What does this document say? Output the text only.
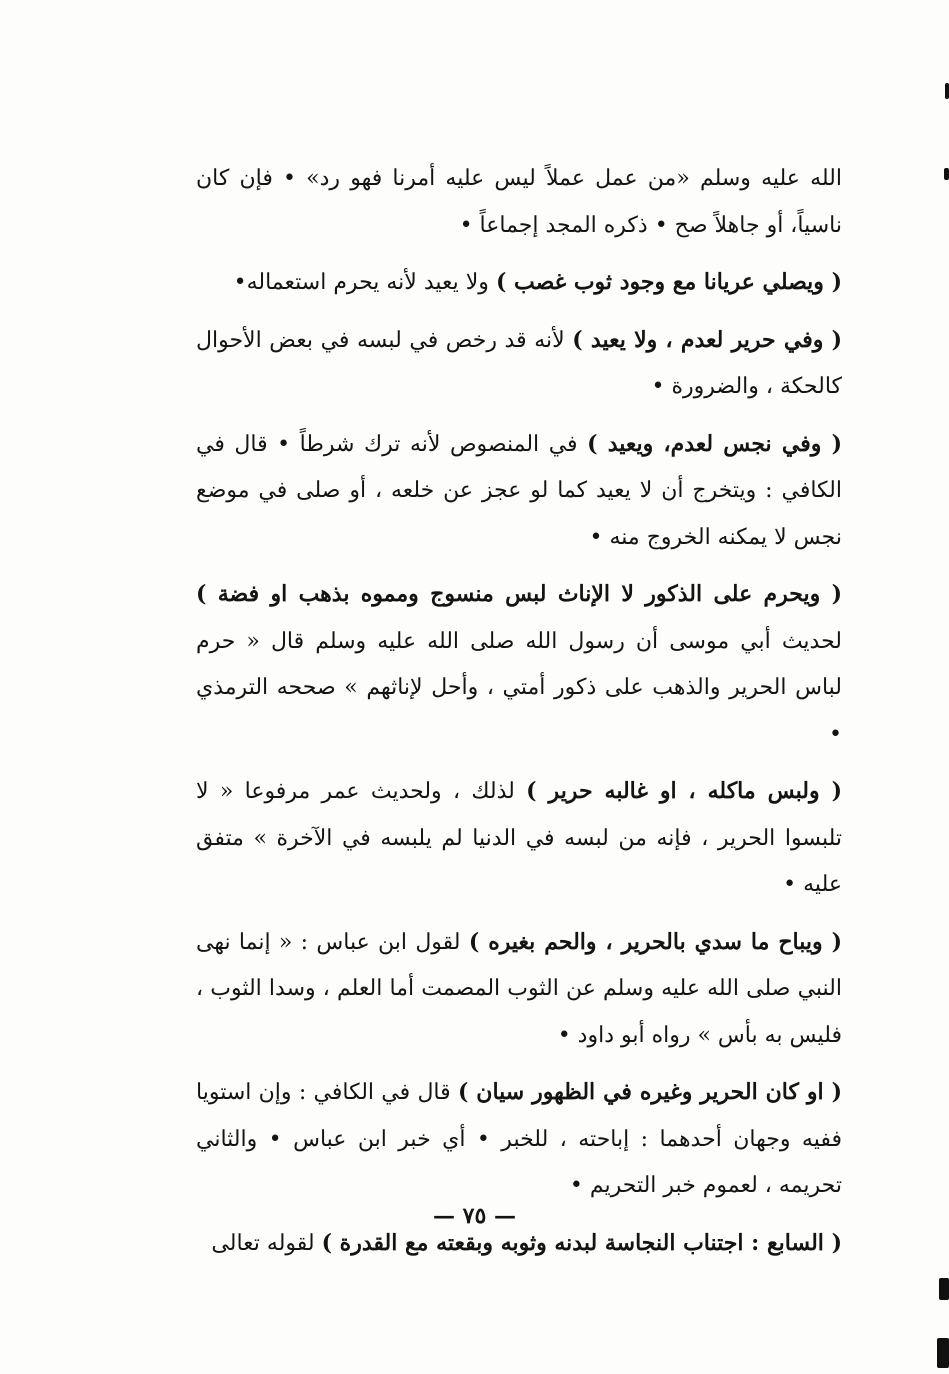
الله عليه وسلم «من عمل عملاً ليس عليه أمرنا فهو رد» • فإن كان ناسياً، أو جاهلاً صح • ذكره المجد إجماعاً •

( ويصلي عريانا مع وجود ثوب غصب ) ولا يعيد لأنه يحرم استعماله•

( وفي حرير لعدم ، ولا يعيد ) لأنه قد رخص في لبسه في بعض الأحوال كالحكة ، والضرورة •

( وفي نجس لعدم، ويعيد ) في المنصوص لأنه ترك شرطاً • قال في الكافي : ويتخرج أن لا يعيد كما لو عجز عن خلعه ، أو صلى في موضع نجس لا يمكنه الخروج منه •

( ويحرم على الذكور لا الإناث لبس منسوج ومموه بذهب او فضة ) لحديث أبي موسى أن رسول الله صلى الله عليه وسلم قال « حرم لباس الحرير والذهب على ذكور أمتي ، وأحل لإناثهم » صححه الترمذي •

( ولبس ماكله ، او غالبه حرير ) لذلك ، ولحديث عمر مرفوعا « لا تلبسوا الحرير ، فإنه من لبسه في الدنيا لم يلبسه في الآخرة » متفق عليه •

( ويباح ما سدي بالحرير ، والحم بغيره ) لقول ابن عباس : « إنما نهى النبي صلى الله عليه وسلم عن الثوب المصمت أما العلم ، وسدا الثوب ، فليس به بأس » رواه أبو داود •

( او كان الحرير وغيره في الظهور سيان ) قال في الكافي : وإن استويا ففيه وجهان أحدهما : إباحته ، للخبر • أي خبر ابن عباس • والثاني تحريمه ، لعموم خبر التحريم •

( السابع : اجتناب النجاسة لبدنه وثوبه وبقعته مع القدرة ) لقوله تعالى

— ٧٥ —
